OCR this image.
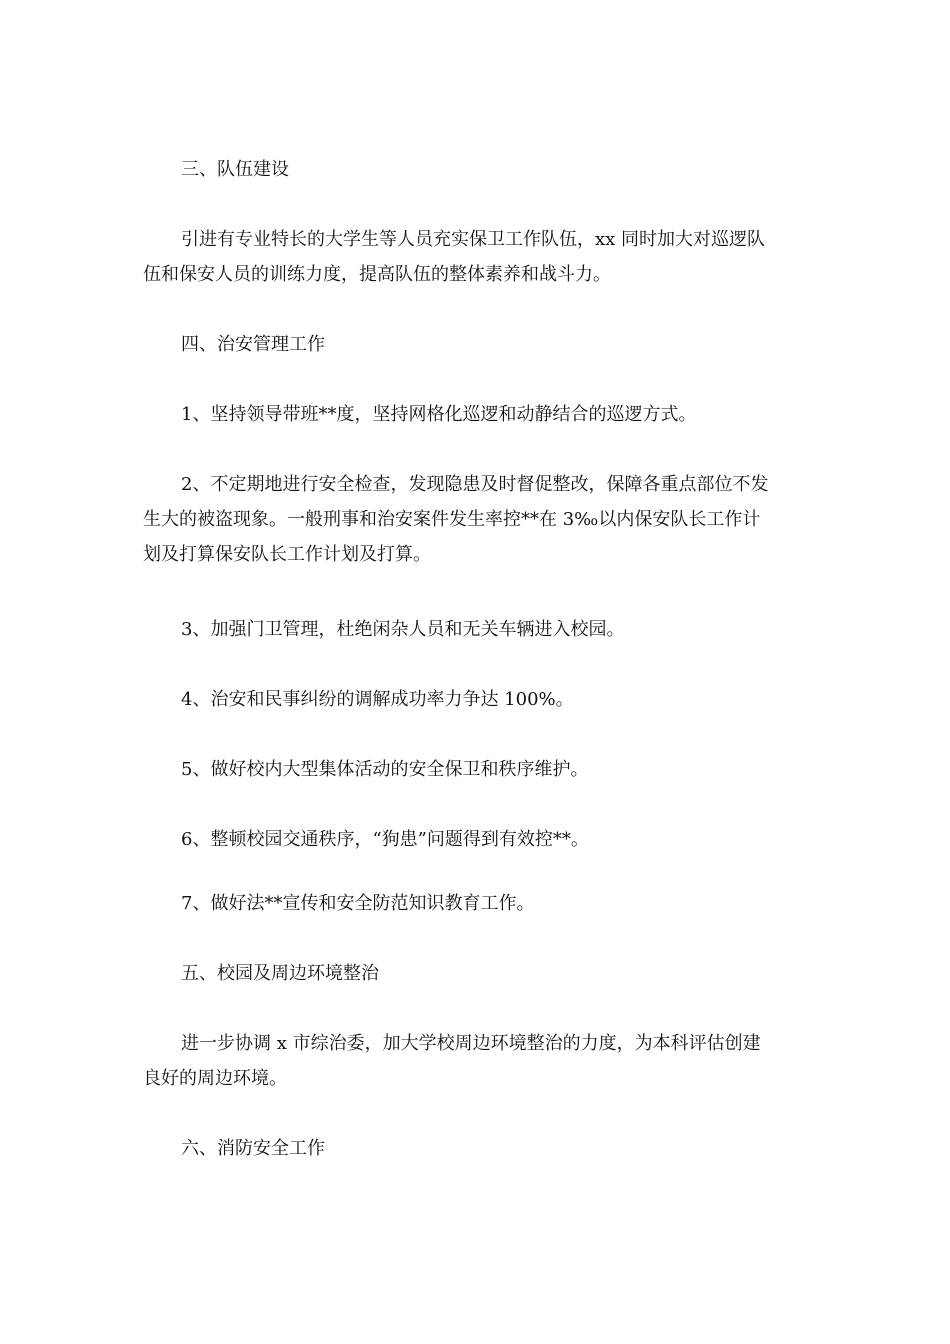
三、队伍建设
引进有专业特长的大学生等人员充实保卫工作队伍，xx 同时加大对巡逻队
伍和保安人员的训练力度，提高队伍的整体素养和战斗力。
四、治安管理工作
1、坚持领导带班**度，坚持网格化巡逻和动静结合的巡逻方式。
2、不定期地进行安全检查，发现隐患及时督促整改，保障各重点部位不发
生大的被盗现象。一般刑事和治安案件发生率控**在 3‰以内保安队长工作计
划及打算保安队长工作计划及打算。
3、加强门卫管理，杜绝闲杂人员和无关车辆进入校园。
4、治安和民事纠纷的调解成功率力争达 100%。
5、做好校内大型集体活动的安全保卫和秩序维护。
6、整顿校园交通秩序，“狗患”问题得到有效控**。
7、做好法**宣传和安全防范知识教育工作。
五、校园及周边环境整治
进一步协调 x 市综治委，加大学校周边环境整治的力度，为本科评估创建
良好的周边环境。
六、消防安全工作
